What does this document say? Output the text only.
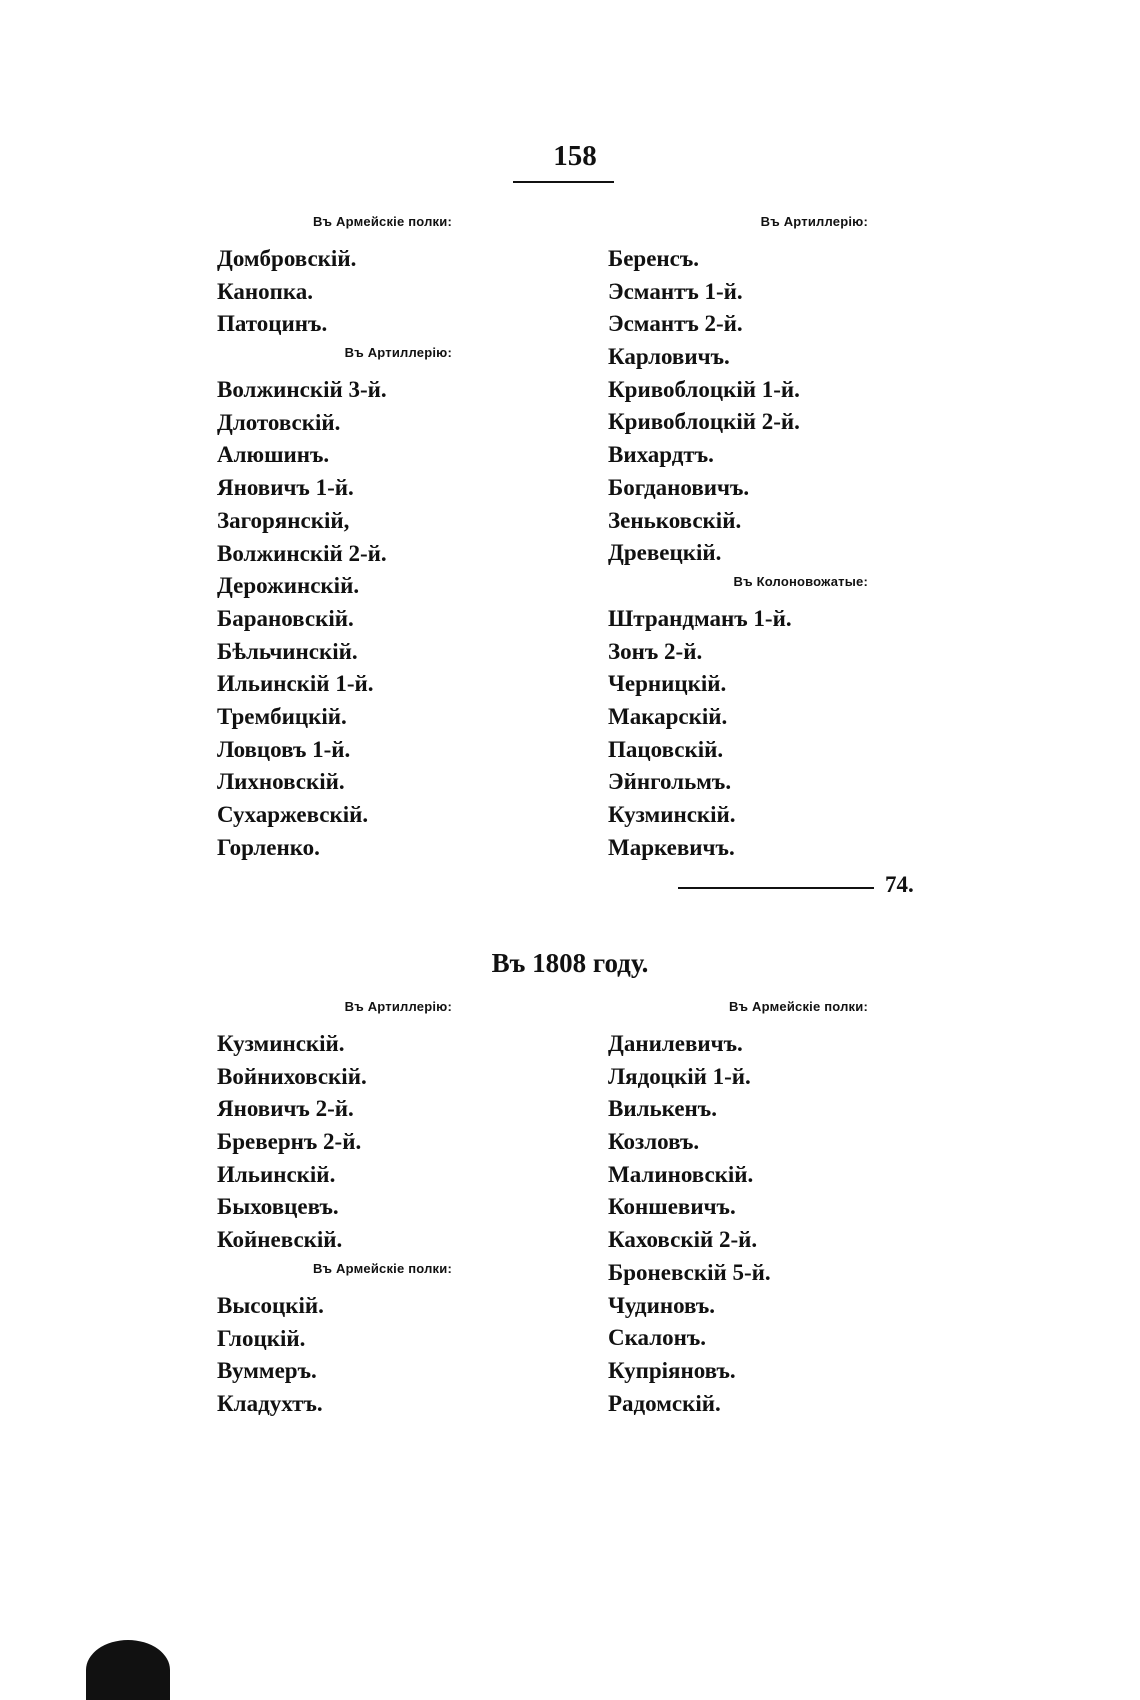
158
Въ Армейскіе полки:
Домбровскій.
Канопка.
Патоцинъ.
Въ Артиллерію:
Волжинскій 3-й.
Длотовскій.
Алюшинъ.
Яновичъ 1-й.
Загорянскій,
Волжинскій 2-й.
Дерожинскій.
Барановскій.
Бѣльчинскій.
Ильинскій 1-й.
Трембицкій.
Ловцовъ 1-й.
Лихновскій.
Сухаржевскій.
Горленко.
Въ Артиллерію:
Беренсъ.
Эсмантъ 1-й.
Эсмантъ 2-й.
Карловичъ.
Кривоблоцкій 1-й.
Кривоблоцкій 2-й.
Вихардтъ.
Богдановичъ.
Зеньковскій.
Древецкій.
Въ Колоновожатые:
Штрандманъ 1-й.
Зонъ 2-й.
Черницкій.
Макарскій.
Пацовскій.
Эйнгольмъ.
Кузминскій.
Маркевичъ.
74.
Въ 1808 году.
Въ Артиллерію:
Кузминскій.
Войниховскій.
Яновичъ 2-й.
Бревернъ 2-й.
Ильинскій.
Быховцевъ.
Койневскій.
Въ Армейскіе полки:
Высоцкій.
Глоцкій.
Вуммеръ.
Кладухтъ.
Въ Армейскіе полки:
Данилевичъ.
Лядоцкій 1-й.
Вилькенъ.
Козловъ.
Малиновскій.
Коншевичъ.
Каховскій 2-й.
Броневскій 5-й.
Чудиновъ.
Скалонъ.
Купріяновъ.
Радомскій.
